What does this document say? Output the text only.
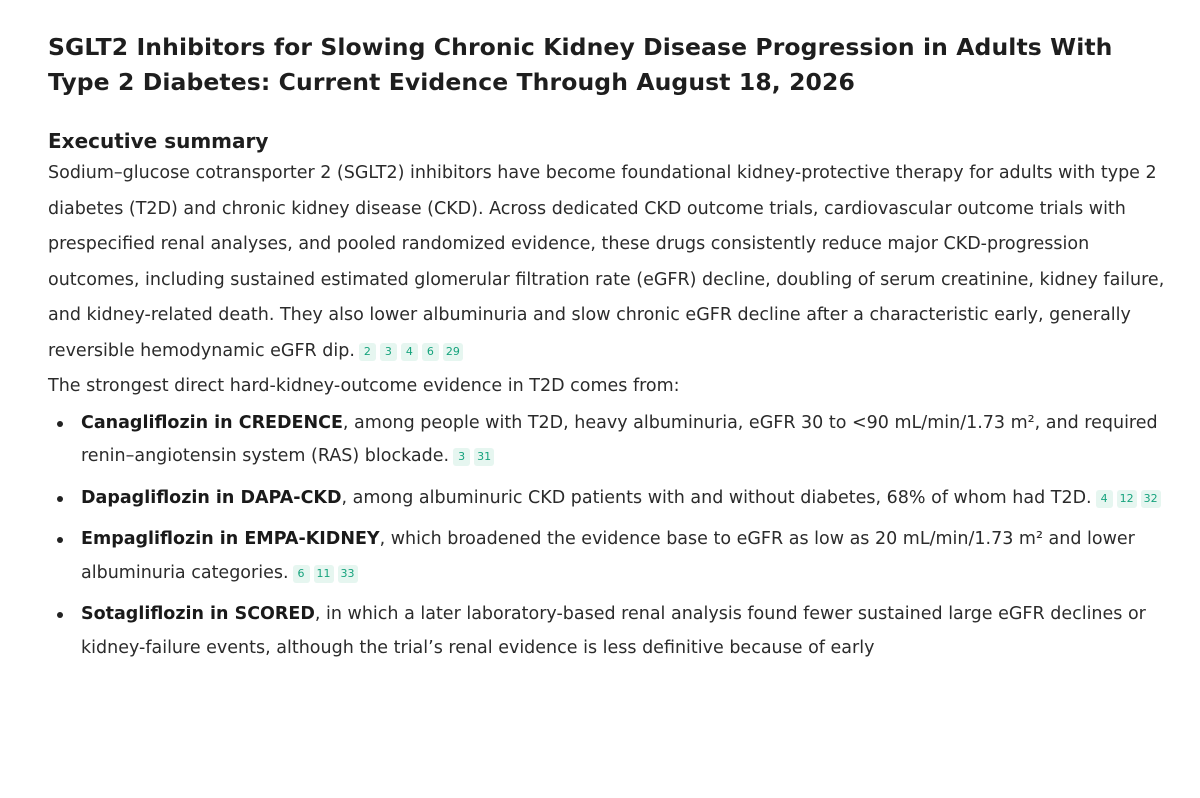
SGLT2 Inhibitors for Slowing Chronic Kidney Disease Progression in Adults With Type 2 Diabetes: Current Evidence Through August 18, 2026
Executive summary

Sodium–glucose cotransporter 2 (SGLT2) inhibitors have become foundational kidney-protective therapy for adults with type 2 diabetes (T2D) and chronic kidney disease (CKD). Across dedicated CKD outcome trials, cardiovascular outcome trials with prespecified renal analyses, and pooled randomized evidence, these drugs consistently reduce major CKD-progression outcomes, including sustained estimated glomerular filtration rate (eGFR) decline, doubling of serum creatinine, kidney failure, and kidney-related death. They also lower albuminuria and slow chronic eGFR decline after a characteristic early, generally reversible hemodynamic eGFR dip. 2 3 4 6 29

The strongest direct hard-kidney-outcome evidence in T2D comes from:

Canagliflozin in CREDENCE, among people with T2D, heavy albuminuria, eGFR 30 to <90 mL/min/1.73 m², and required renin–angiotensin system (RAS) blockade. 3 31
Dapagliflozin in DAPA-CKD, among albuminuric CKD patients with and without diabetes, 68% of whom had T2D. 4 12 32
Empagliflozin in EMPA-KIDNEY, which broadened the evidence base to eGFR as low as 20 mL/min/1.73 m² and lower albuminuria categories. 6 11 33
Sotagliflozin in SCORED, in which a later laboratory-based renal analysis found fewer sustained large eGFR declines or kidney-failure events, although the trial’s renal evidence is less definitive because of early
